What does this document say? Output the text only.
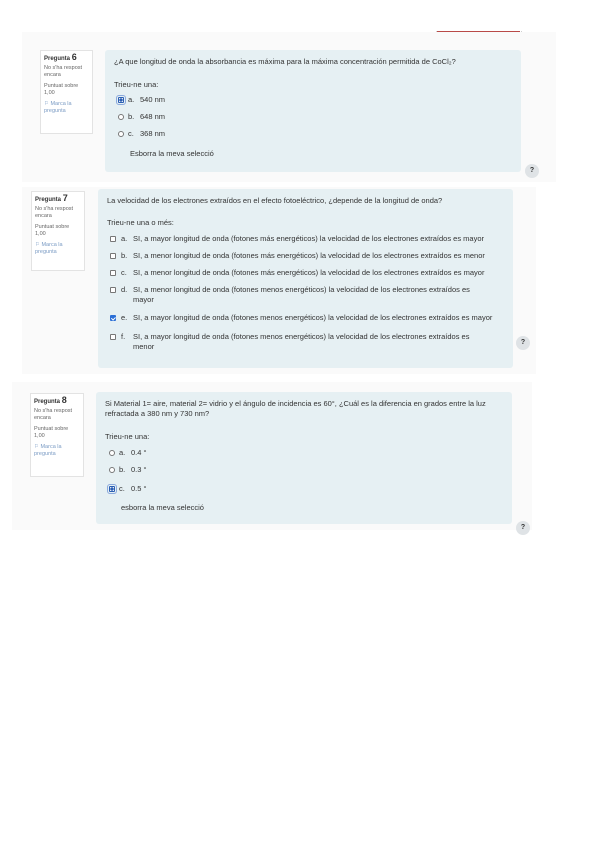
Pregunta 6
No s'ha respost encara
Puntuat sobre 1,00
⚐ Marca la pregunta
¿A que longitud de onda la absorbancia es máxima para la máxima concentración permitida de CoCl₂?
Trieu-ne una:
a. 540 nm
b. 648 nm
c. 368 nm
Esborra la meva selecció
?
Pregunta 7
No s'ha respost encara
Puntuat sobre 1,00
⚐ Marca la pregunta
La velocidad de los electrones extraídos en el efecto fotoeléctrico, ¿depende de la longitud de onda?
Trieu-ne una o més:
a. SI, a mayor longitud de onda (fotones más energéticos) la velocidad de los electrones extraídos es mayor
b. SI, a menor longitud de onda (fotones más energéticos) la velocidad de los electrones extraídos es menor
c. SI, a menor longitud de onda (fotones más energéticos) la velocidad de los electrones extraídos es mayor
d. SI, a menor longitud de onda (fotones menos energéticos) la velocidad de los electrones extraídos es mayor
e. SI, a mayor longitud de onda (fotones menos energéticos) la velocidad de los electrones extraídos es mayor
f.	SI, a mayor longitud de onda (fotones menos energéticos) la velocidad de los electrones extraídos es menor	?
Pregunta 8
No s'ha respost encara
Puntuat sobre 1,00
⚐ Marca la pregunta
Si Material 1= aire, material 2= vidrio y el ángulo de incidencia es 60°, ¿Cuál es la diferencia en grados entre la luz refractada a 380 nm y 730 nm?
Trieu-ne una:
a. 0.4 °
b. 0.3 °
c. 0.5 °
esborra la meva selecció
?
